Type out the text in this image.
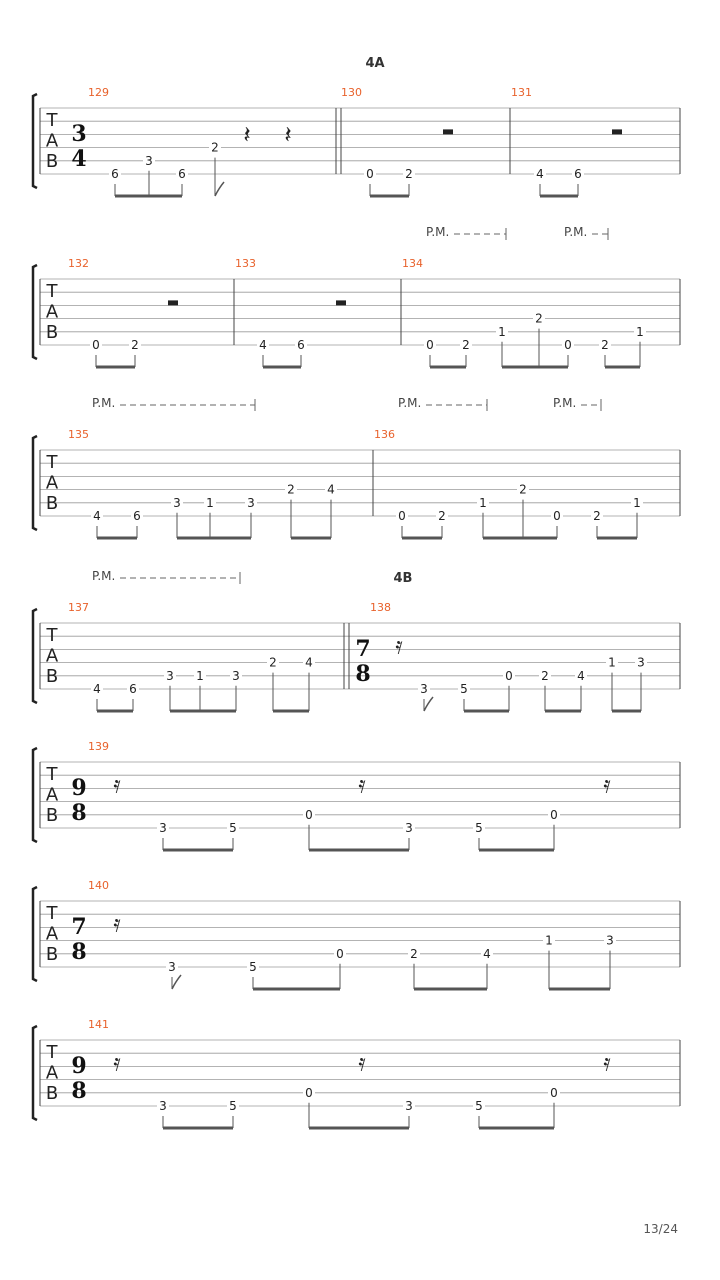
4A
4B
T
A
B
129
3
4
6
3
6
2 𝄽 𝄽
130
0	2
131
4	6
T
A
B
P.M.	P.M.
132
0	2
133
4	6
134
0 2
1
2
0 2
1
T
A
B
P.M.	P.M.	P.M.
135
4	6
3 1	3
2	4
136
0	2
1
2
0	2
1
T
A
B
P.M.
137
4 6
3 1 3
2 4
138
7
8
3	5
0 2 4
1 3
𝄿
T
A
B
139
9
8
3	5
0
3	5
0
𝄿	𝄿	𝄿
T
A
B
140
7
8
3	5
0	2	4
1	3
𝄿
T
A
B
141
9
8
3	5
0
3	5
0
𝄿	𝄿	𝄿
13/24
